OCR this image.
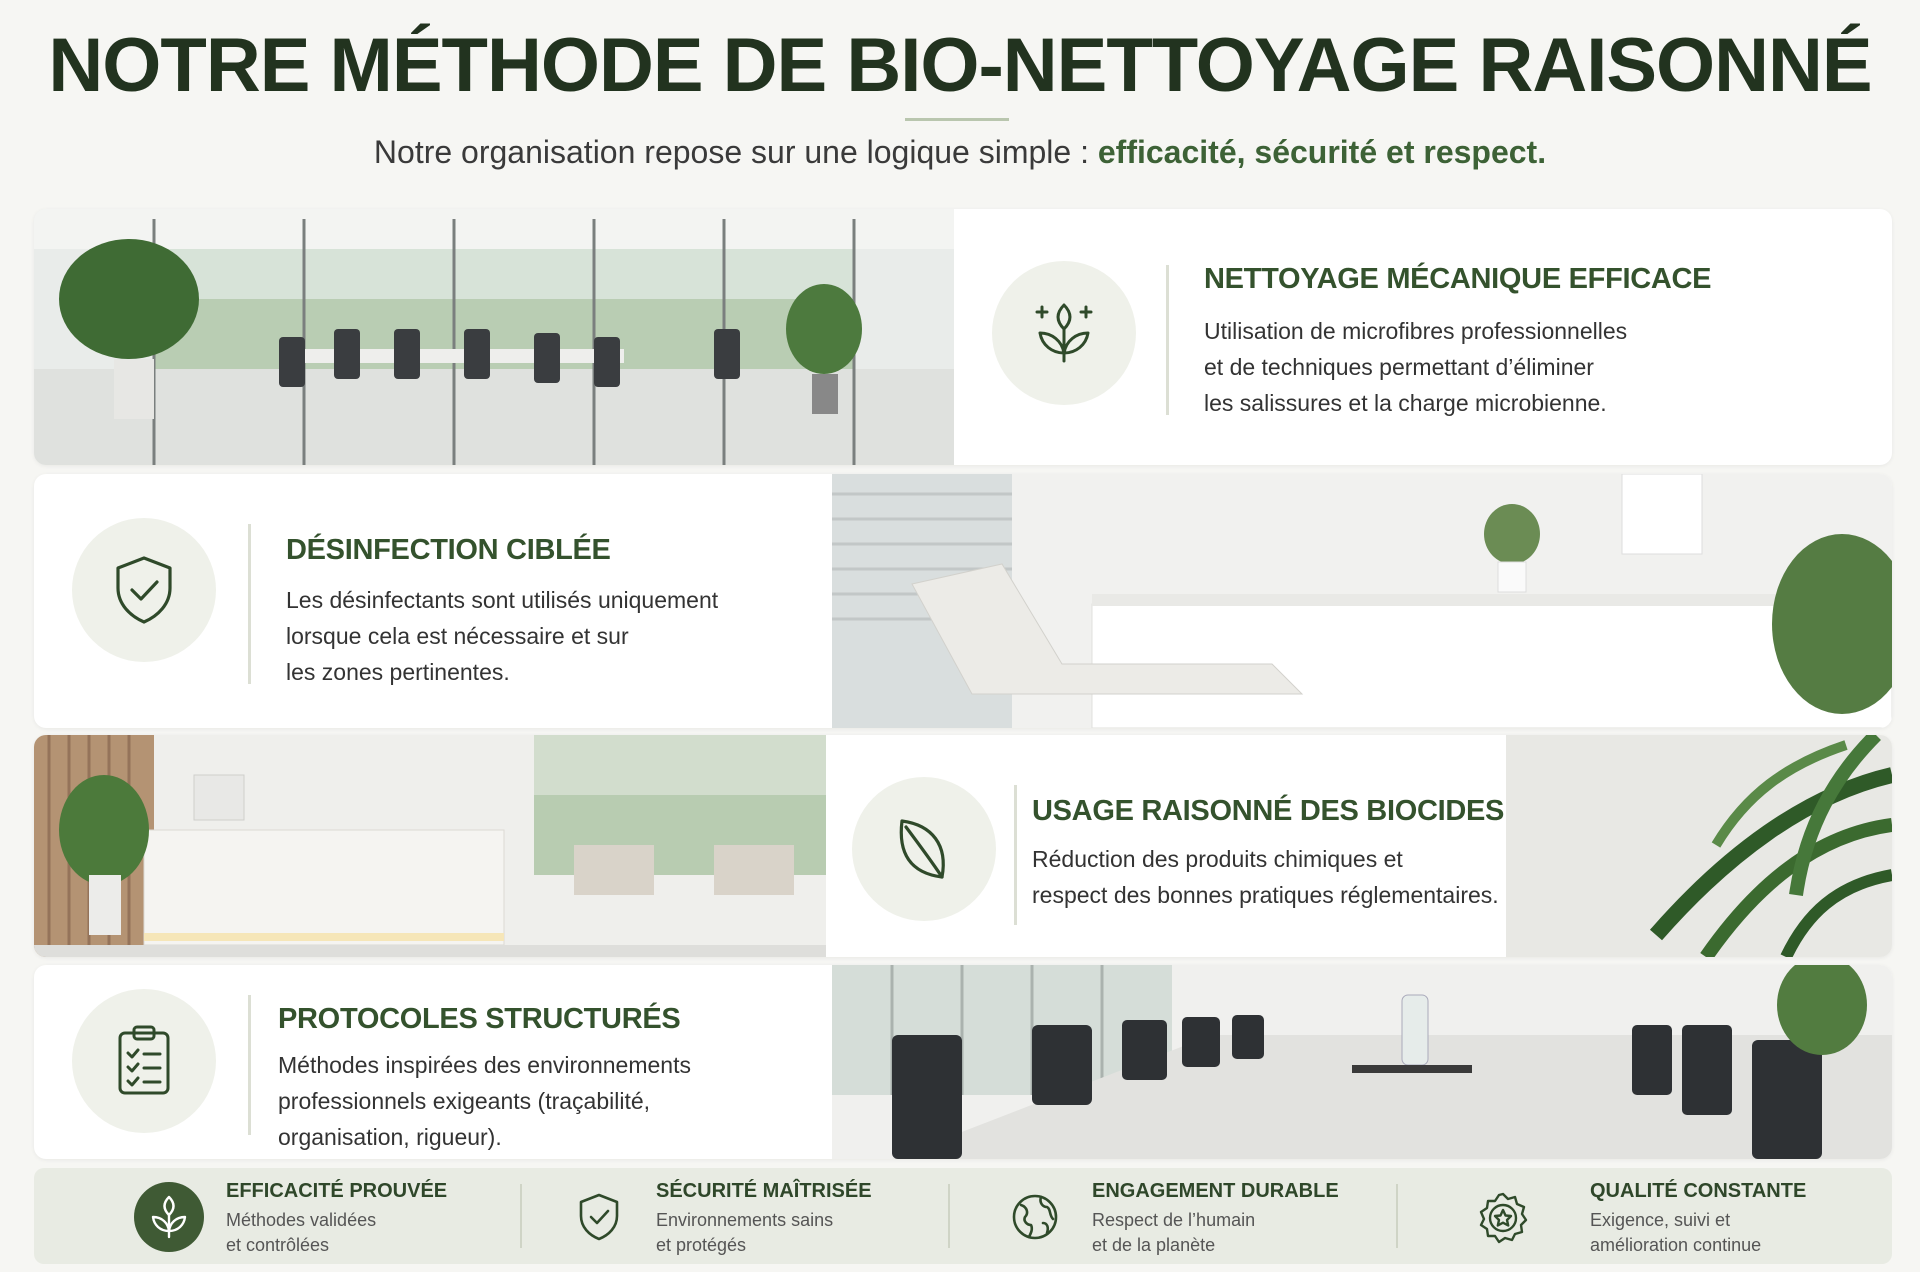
NOTRE MÉTHODE DE BIO-NETTOYAGE RAISONNÉ
Notre organisation repose sur une logique simple : efficacité, sécurité et respect.
NETTOYAGE MÉCANIQUE EFFICACE
Utilisation de microfibres professionnelles
et de techniques permettant d’éliminer
les salissures et la charge microbienne.
DÉSINFECTION CIBLÉE
Les désinfectants sont utilisés uniquement
lorsque cela est nécessaire et sur
les zones pertinentes.
USAGE RAISONNÉ DES BIOCIDES
Réduction des produits chimiques et
respect des bonnes pratiques réglementaires.
PROTOCOLES STRUCTURÉS
Méthodes inspirées des environnements
professionnels exigeants (traçabilité,
organisation, rigueur).
EFFICACITÉ PROUVÉE
Méthodes validées
et contrôlées
SÉCURITÉ MAÎTRISÉE
Environnements sains
et protégés
ENGAGEMENT DURABLE
Respect de l’humain
et de la planète
QUALITÉ CONSTANTE
Exigence, suivi et
amélioration continue
